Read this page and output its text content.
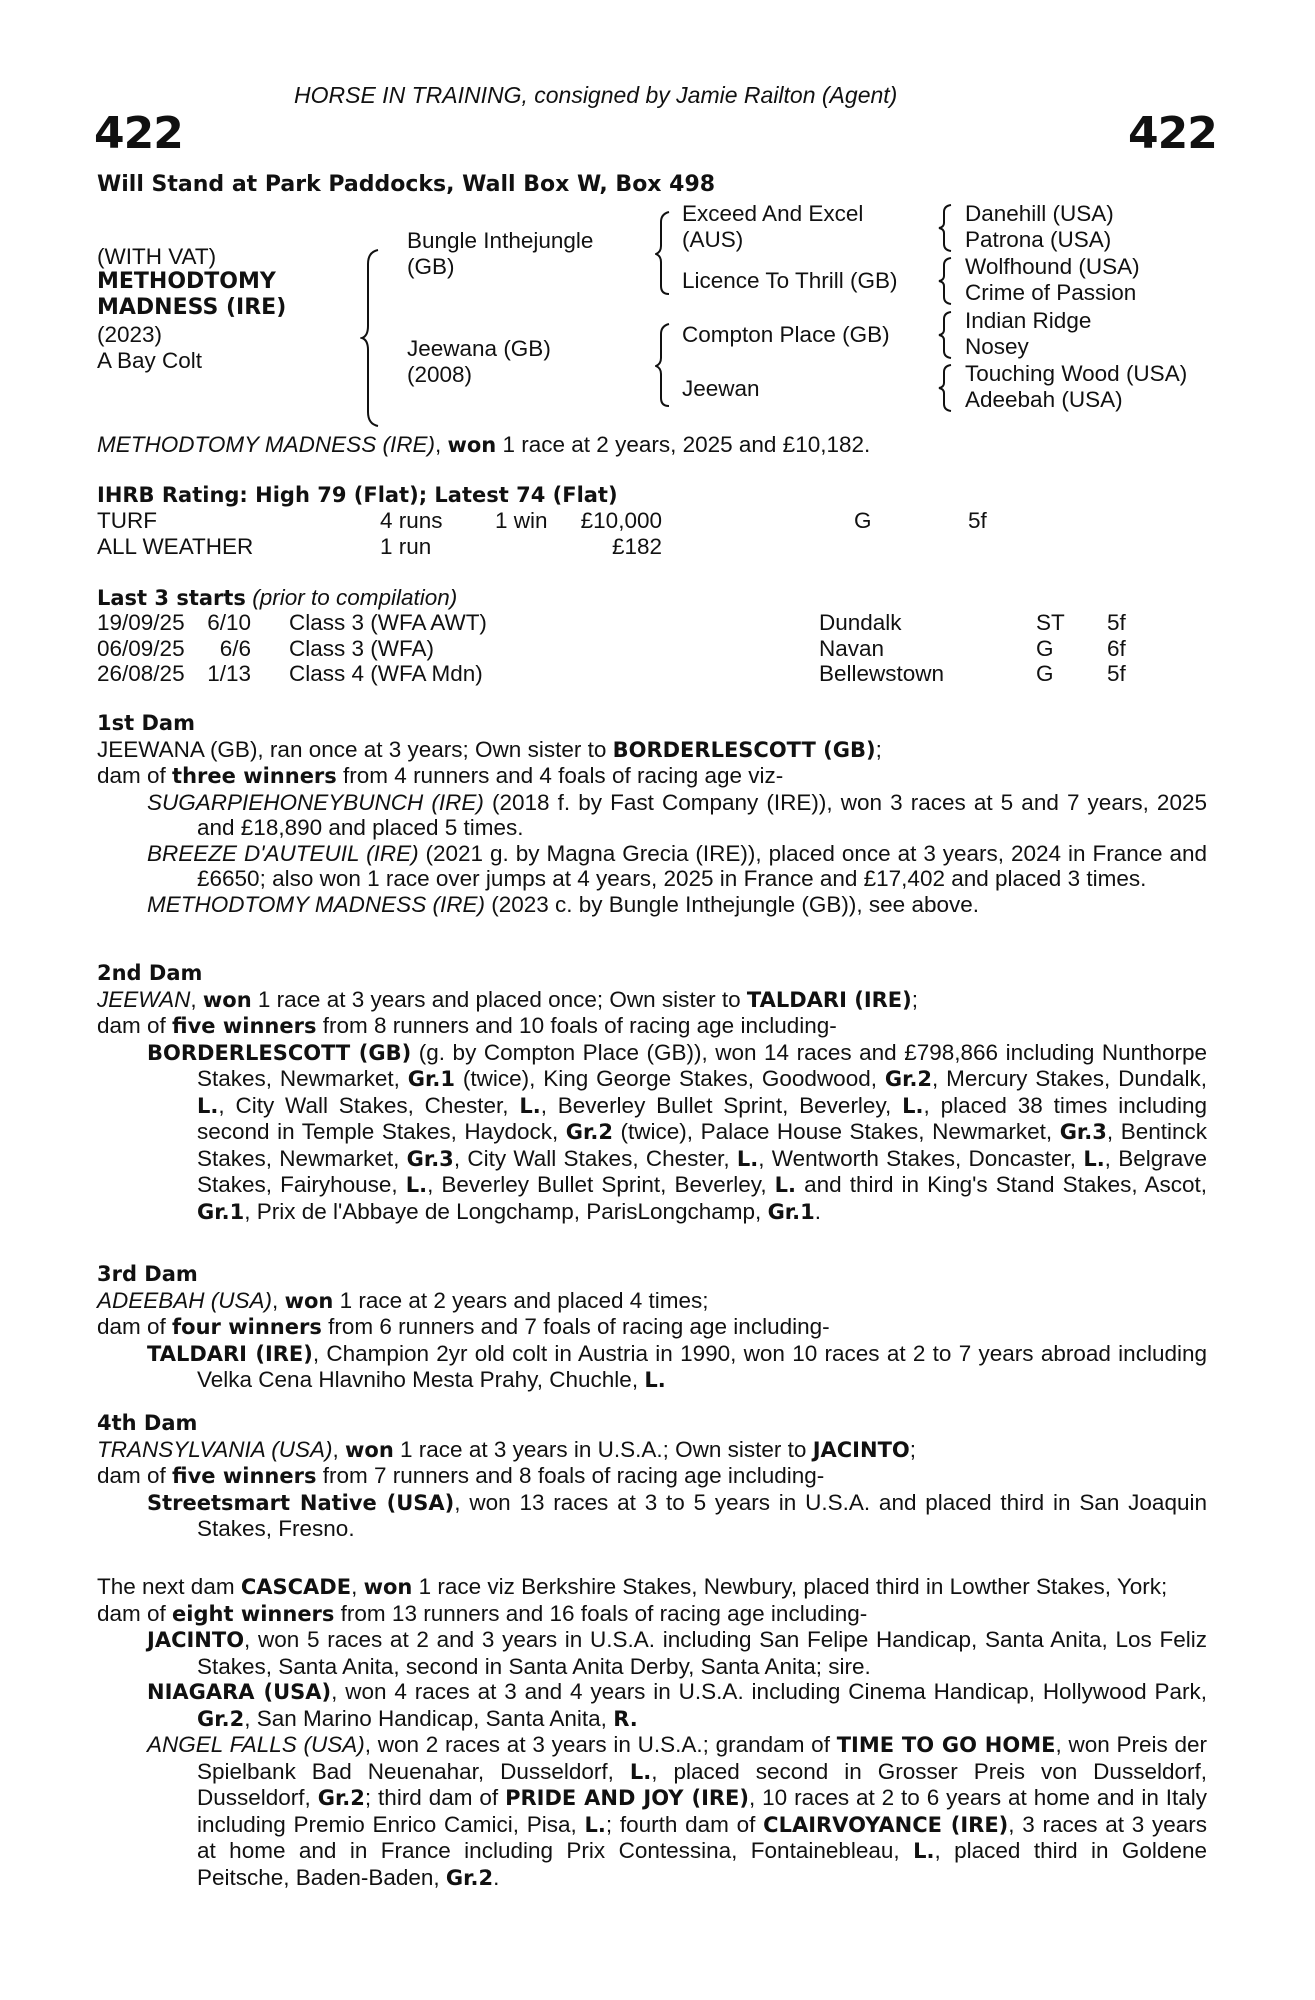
HORSE IN TRAINING, consigned by Jamie Railton (Agent)
422	422
Will Stand at Park Paddocks, Wall Box W, Box 498
(WITH VAT)
METHODTOMY
MADNESS (IRE)
(2023)
A Bay Colt
Bungle Inthejungle
(GB)
Jeewana (GB)
(2008)
Exceed And Excel
(AUS)
Licence To Thrill (GB)
Compton Place (GB)
Jeewan
Danehill (USA)
Patrona (USA)
Wolfhound (USA)
Crime of Passion
Indian Ridge
Nosey
Touching Wood (USA)
Adeebah (USA)
METHODTOMY MADNESS (IRE), won 1 race at 2 years, 2025 and £10,182.
IHRB Rating: High 79 (Flat); Latest 74 (Flat)
TURF	4 runs 1 win £10,000	G	5f
ALL WEATHER	1 run	£182
Last 3 starts (prior to compilation)
19/09/25 6/10 Class 3 (WFA AWT)	Dundalk	ST 5f
06/09/25 6/6 Class 3 (WFA)	Navan	G 6f
26/08/25 1/13 Class 4 (WFA Mdn)	Bellewstown	G 5f
1st Dam
JEEWANA (GB), ran once at 3 years; Own sister to BORDERLESCOTT (GB);
dam of three winners from 4 runners and 4 foals of racing age viz-
SUGARPIEHONEYBUNCH (IRE) (2018 f. by Fast Company (IRE)), won 3 races at 5 and 7 years, 2025 and £18,890 and placed 5 times.
BREEZE D'AUTEUIL (IRE) (2021 g. by Magna Grecia (IRE)), placed once at 3 years, 2024 in France and £6650; also won 1 race over jumps at 4 years, 2025 in France and £17,402 and placed 3 times.
METHODTOMY MADNESS (IRE) (2023 c. by Bungle Inthejungle (GB)), see above.
2nd Dam
JEEWAN, won 1 race at 3 years and placed once; Own sister to TALDARI (IRE);
dam of five winners from 8 runners and 10 foals of racing age including-
BORDERLESCOTT (GB) (g. by Compton Place (GB)), won 14 races and £798,866 including Nunthorpe Stakes, Newmarket, Gr.1 (twice), King George Stakes, Goodwood, Gr.2, Mercury Stakes, Dundalk, L., City Wall Stakes, Chester, L., Beverley Bullet Sprint, Beverley, L., placed 38 times including second in Temple Stakes, Haydock, Gr.2 (twice), Palace House Stakes, Newmarket, Gr.3, Bentinck Stakes, Newmarket, Gr.3, City Wall Stakes, Chester, L., Wentworth Stakes, Doncaster, L., Belgrave Stakes, Fairyhouse, L., Beverley Bullet Sprint, Beverley, L. and third in King's Stand Stakes, Ascot, Gr.1, Prix de l'Abbaye de Longchamp, ParisLongchamp, Gr.1.
3rd Dam
ADEEBAH (USA), won 1 race at 2 years and placed 4 times;
dam of four winners from 6 runners and 7 foals of racing age including-
TALDARI (IRE), Champion 2yr old colt in Austria in 1990, won 10 races at 2 to 7 years abroad including Velka Cena Hlavniho Mesta Prahy, Chuchle, L.
4th Dam
TRANSYLVANIA (USA), won 1 race at 3 years in U.S.A.; Own sister to JACINTO;
dam of five winners from 7 runners and 8 foals of racing age including-
Streetsmart Native (USA), won 13 races at 3 to 5 years in U.S.A. and placed third in San Joaquin Stakes, Fresno.
The next dam CASCADE, won 1 race viz Berkshire Stakes, Newbury, placed third in Lowther Stakes, York;
dam of eight winners from 13 runners and 16 foals of racing age including-
JACINTO, won 5 races at 2 and 3 years in U.S.A. including San Felipe Handicap, Santa Anita, Los Feliz Stakes, Santa Anita, second in Santa Anita Derby, Santa Anita; sire.
NIAGARA (USA), won 4 races at 3 and 4 years in U.S.A. including Cinema Handicap, Hollywood Park, Gr.2, San Marino Handicap, Santa Anita, R.
ANGEL FALLS (USA), won 2 races at 3 years in U.S.A.; grandam of TIME TO GO HOME, won Preis der Spielbank Bad Neuenahar, Dusseldorf, L., placed second in Grosser Preis von Dusseldorf, Dusseldorf, Gr.2; third dam of PRIDE AND JOY (IRE), 10 races at 2 to 6 years at home and in Italy including Premio Enrico Camici, Pisa, L.; fourth dam of CLAIRVOYANCE (IRE), 3 races at 3 years at home and in France including Prix Contessina, Fontainebleau, L., placed third in Goldene Peitsche, Baden-Baden, Gr.2.
